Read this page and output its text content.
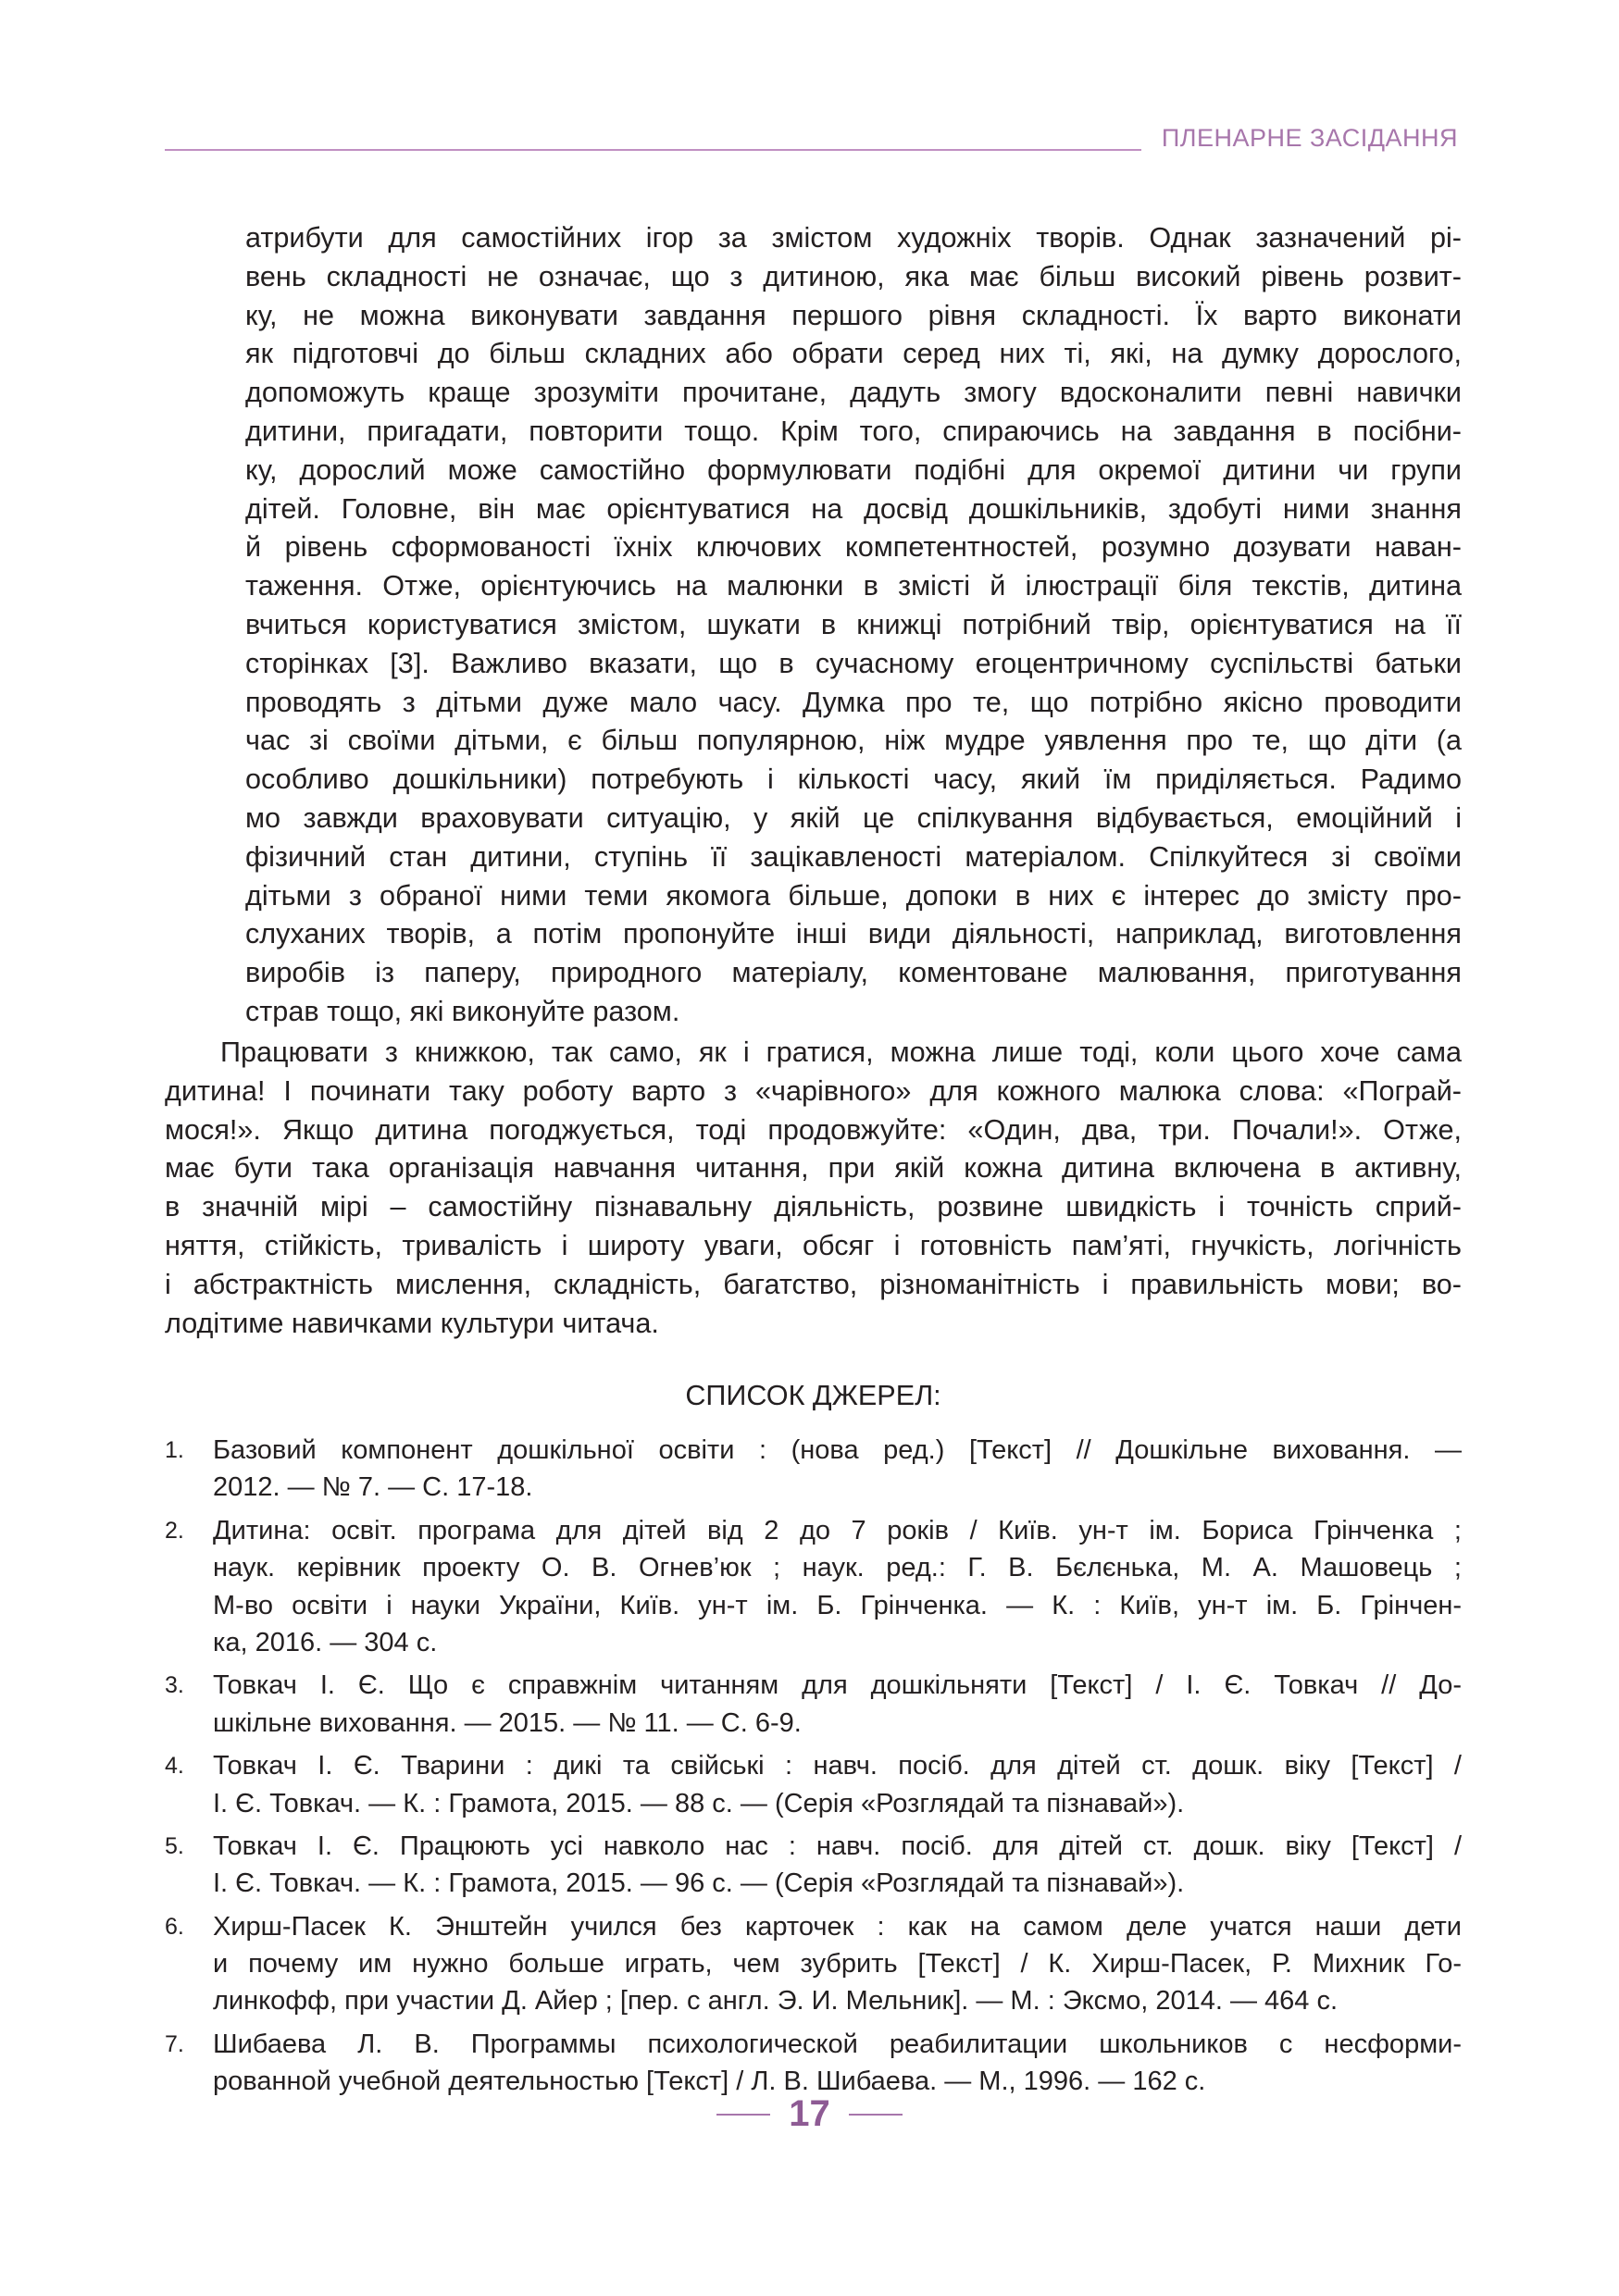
ПЛЕНАРНЕ ЗАСІДАННЯ
атрибути для самостійних ігор за змістом художніх творів. Однак зазначений рі-
вень складності не означає, що з дитиною, яка має більш високий рівень розвит-
ку, не можна виконувати завдання першого рівня складності. Їх варто виконати
як підготовчі до більш складних або обрати серед них ті, які, на думку дорослого,
допоможуть краще зрозуміти прочитане, дадуть змогу вдосконалити певні навички
дитини, пригадати, повторити тощо. Крім того, спираючись на завдання в посібни-
ку, дорослий може самостійно формулювати подібні для окремої дитини чи групи
дітей. Головне, він має орієнтуватися на досвід дошкільників, здобуті ними знання
й рівень сформованості їхніх ключових компетентностей, розумно дозувати наван-
таження. Отже, орієнтуючись на малюнки в змісті й ілюстрації біля текстів, дитина
вчиться користуватися змістом, шукати в книжці потрібний твір, орієнтуватися на її
сторінках [3]. Важливо вказати, що в сучасному егоцентричному суспільстві батьки
проводять з дітьми дуже мало часу. Думка про те, що потрібно якісно проводити
час зі своїми дітьми, є більш популярною, ніж мудре уявлення про те, що діти (а
особливо дошкільники) потребують і кількості часу, який їм приділяється. Радимо
мо завжди враховувати ситуацію, у якій це спілкування відбувається, емоційний і
фізичний стан дитини, ступінь її зацікавленості матеріалом. Спілкуйтеся зі своїми
дітьми з обраної ними теми якомога більше, допоки в них є інтерес до змісту про-
слуханих творів, а потім пропонуйте інші види діяльності, наприклад, виготовлення
виробів із паперу, природного матеріалу, коментоване малювання, приготування
страв тощо, які виконуйте разом.
Працювати з книжкою, так само, як і гратися, можна лише тоді, коли цього хоче сама
дитина! І починати таку роботу варто з «чарівного» для кожного малюка слова: «Пограй-
мося!». Якщо дитина погоджується, тоді продовжуйте: «Один, два, три. Почали!». Отже,
має бути така організація навчання читання, при якій кожна дитина включена в активну,
в значній мірі – самостійну пізнавальну діяльність, розвине швидкість і точність сприй-
няття, стійкість, тривалість і широту уваги, обсяг і готовність пам’яті, гнучкість, логічність
і абстрактність мислення, складність, багатство, різноманітність і правильність мови; во-
лодітиме навичками культури читача.
СПИСОК ДЖЕРЕЛ:
1. Базовий компонент дошкільної освіти : (нова ред.) [Текст] // Дошкільне виховання. —
2012. — № 7. — С. 17-18.
2. Дитина: освіт. програма для дітей від 2 до 7 років / Київ. ун-т ім. Бориса Грінченка ;
наук. керівник проекту О. В. Огнев’юк ; наук. ред.: Г. В. Бєлєнька, М. А. Машовець ;
М-во освіти і науки України, Київ. ун-т ім. Б. Грінченка. — К. : Київ, ун-т ім. Б. Грінчен-
ка, 2016. — 304 с.
3. Товкач І. Є. Що є справжнім читанням для дошкільняти [Текст] / І. Є. Товкач // До-
шкільне виховання. — 2015. — № 11. — С. 6-9.
4. Товкач І. Є. Тварини : дикі та свійські : навч. посіб. для дітей ст. дошк. віку [Текст] /
І. Є. Товкач. — К. : Грамота, 2015. — 88 с. — (Серія «Розглядай та пізнавай»).
5. Товкач І. Є. Працюють усі навколо нас : навч. посіб. для дітей ст. дошк. віку [Текст] /
І. Є. Товкач. — К. : Грамота, 2015. — 96 с. — (Серія «Розглядай та пізнавай»).
6. Хирш-Пасек К. Энштейн учился без карточек : как на самом деле учатся наши дети
и почему им нужно больше играть, чем зубрить [Текст] / К. Хирш-Пасек, Р. Михник Го-
линкофф, при участии Д. Айер ; [пер. с англ. Э. И. Мельник]. — М. : Эксмо, 2014. — 464 с.
7. Шибаева Л. В. Программы психологической реабилитации школьников с несформи-
рованной учебной деятельностью [Текст] / Л. В. Шибаева. — М., 1996. — 162 с.
17
